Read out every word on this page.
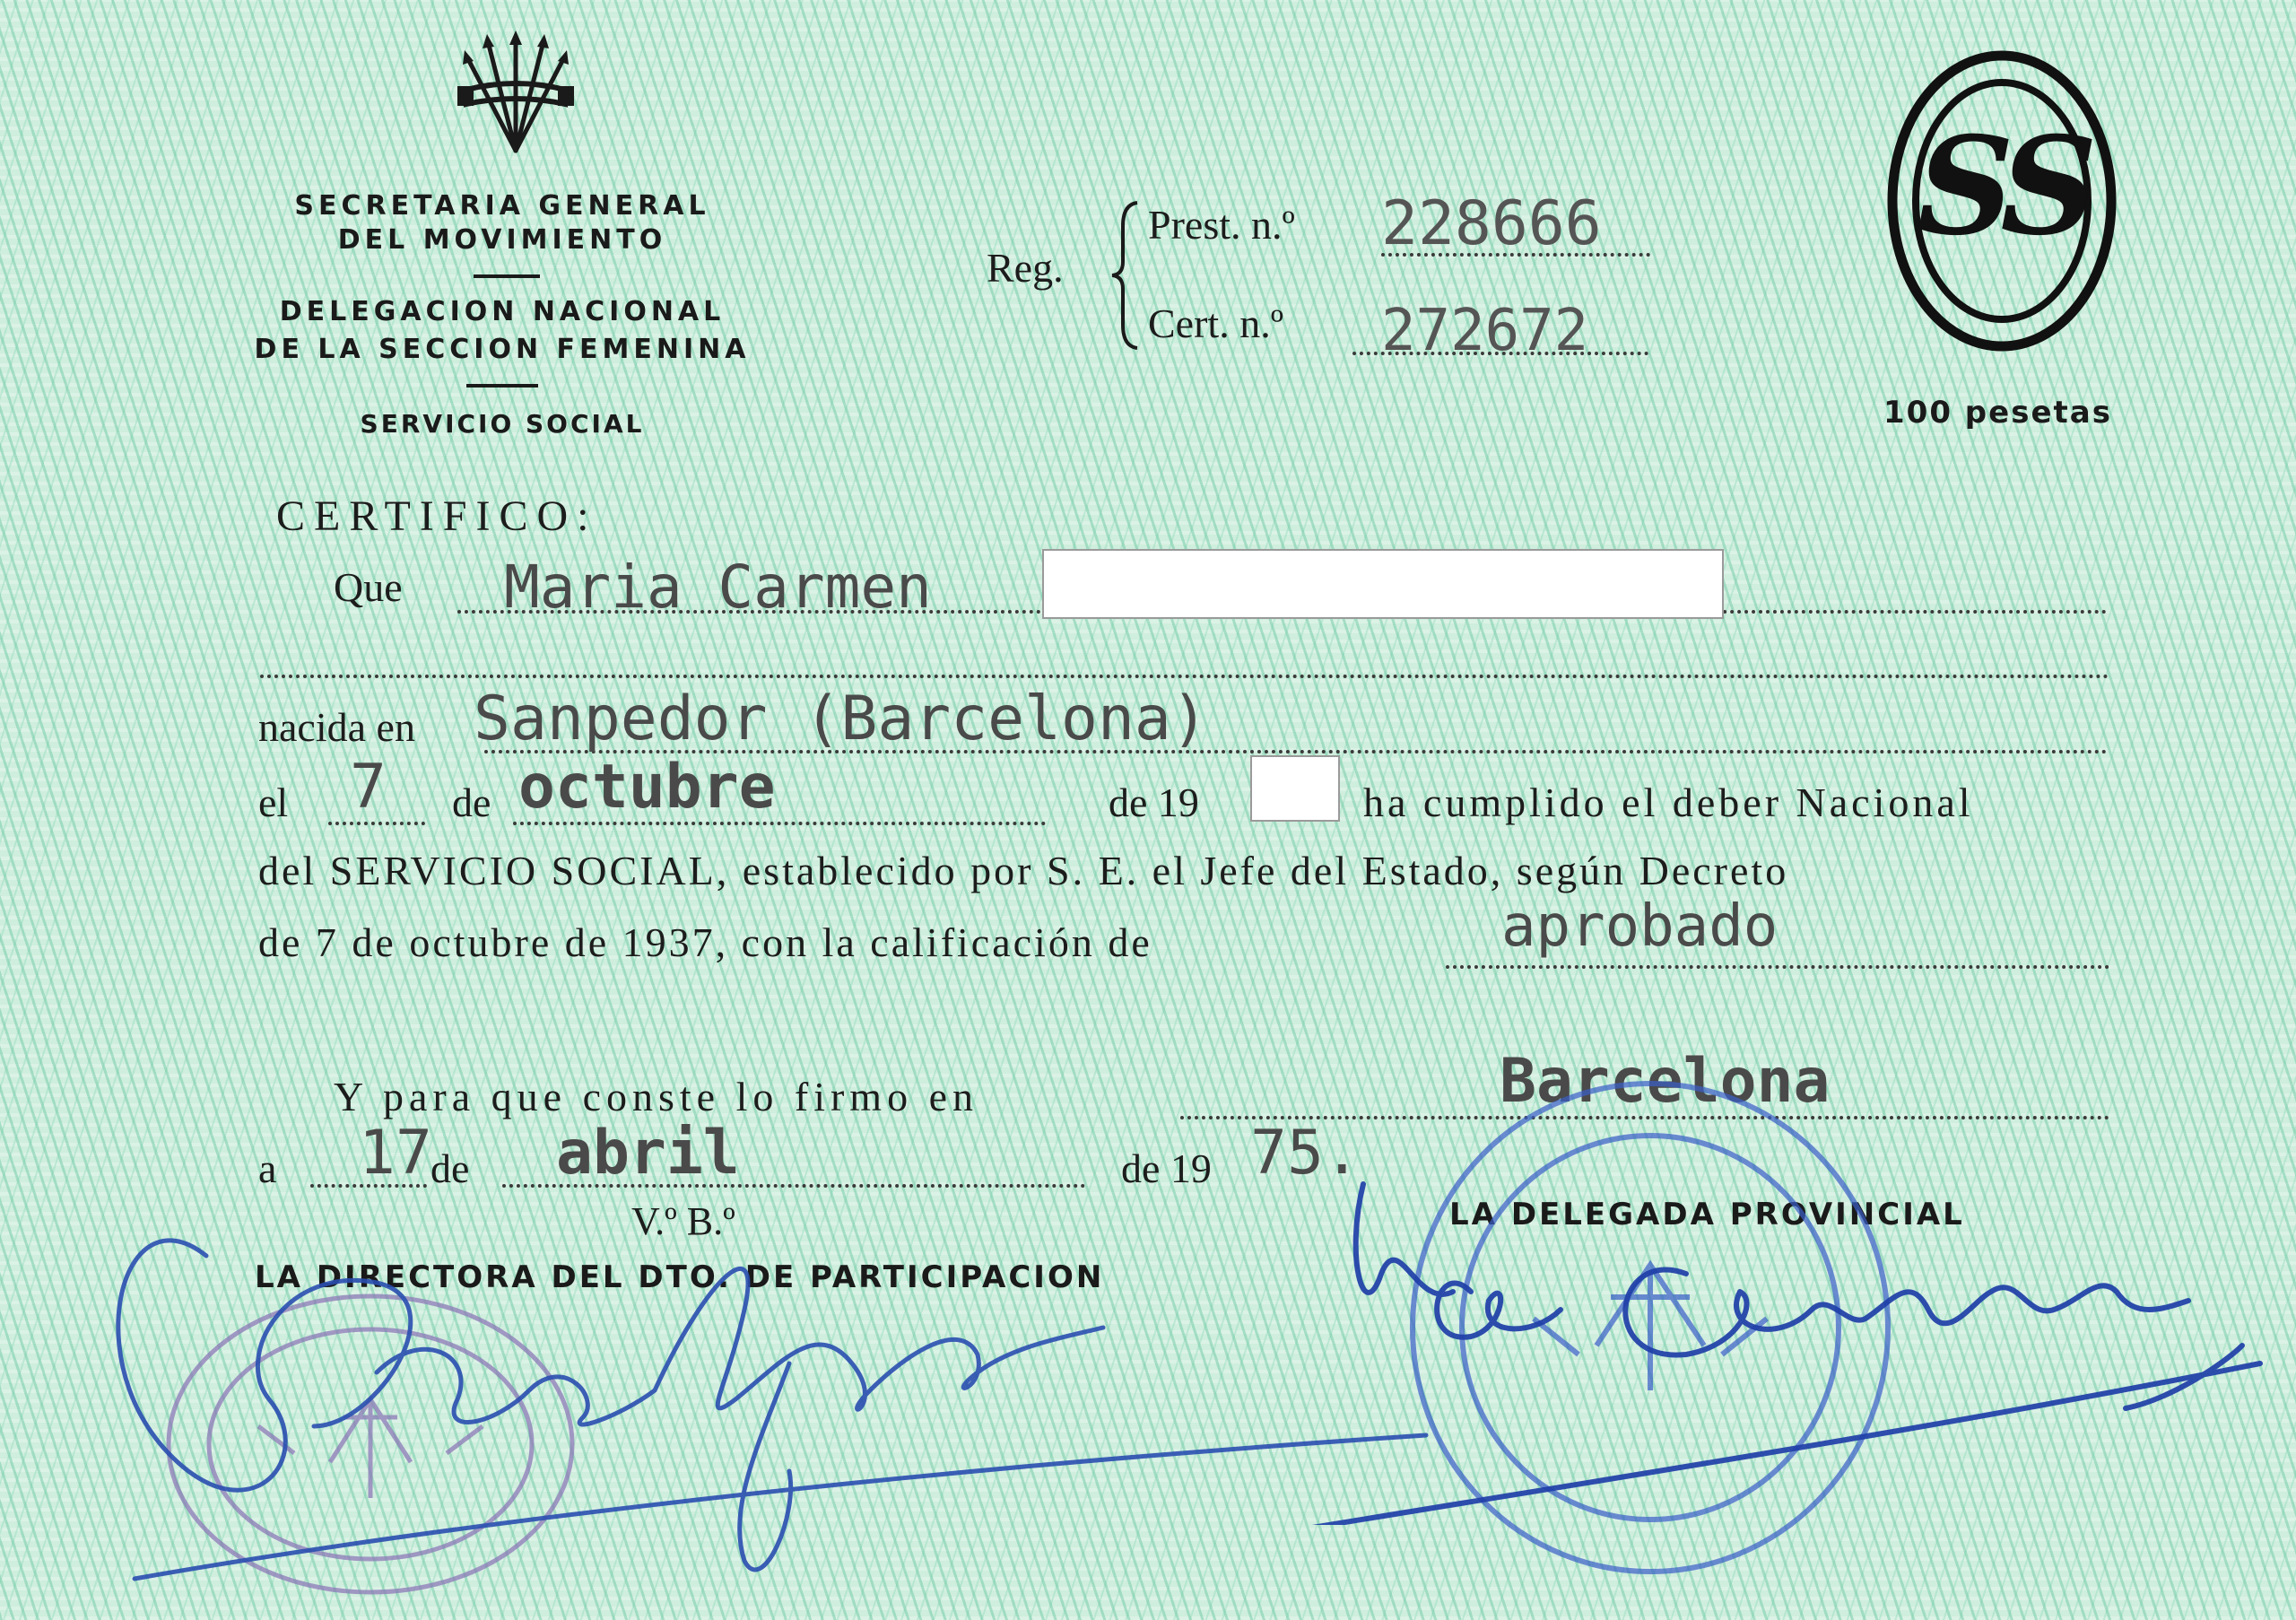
SECRETARIA GENERAL
DEL MOVIMIENTO
DELEGACION NACIONAL
DE LA SECCION FEMENINA
SERVICIO SOCIAL
Reg.
Prest. n.º 228666
Cert. n.º 272672
SS
100 pesetas
CERTIFICO:
Que Maria Carmen
nacida en Sanpedor (Barcelona)
el 7 de octubre	de 19	ha cumplido el deber Nacional
del SERVICIO SOCIAL, establecido por S. E. el Jefe del Estado, según Decreto
de 7 de octubre de 1937, con la calificación de	aprobado
Y para que conste lo firmo en	Barcelona
a 17
de abril	de 19 75.
V.º B.º
LA DIRECTORA DEL DTO. DE PARTICIPACION
LA DELEGADA PROVINCIAL
